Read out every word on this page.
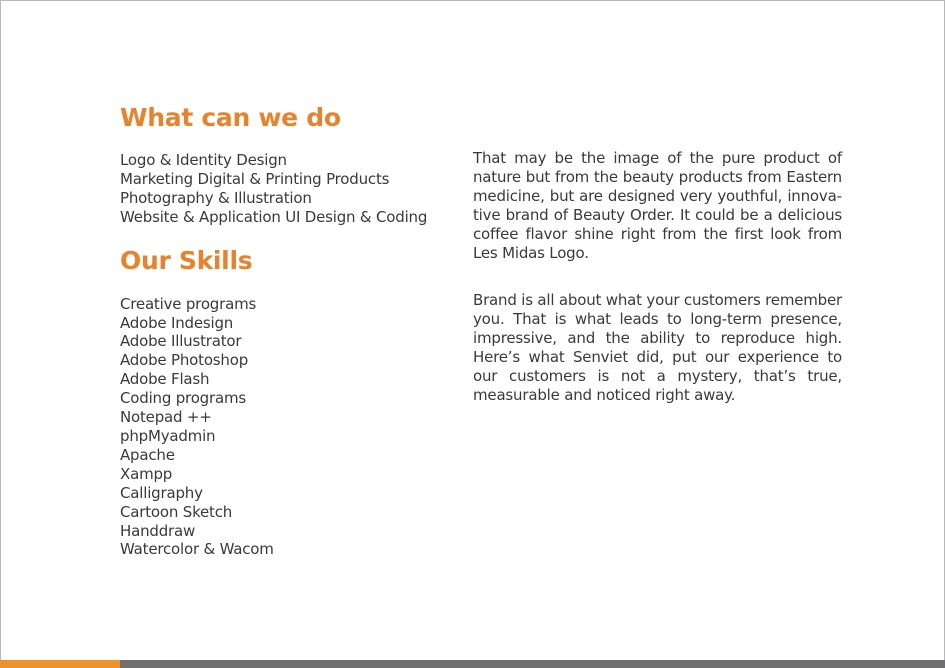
What can we do
Logo & Identity Design
Marketing Digital & Printing Products
Photography & Illustration
Website & Application UI Design & Coding
Our Skills
Creative programs
Adobe Indesign
Adobe Illustrator
Adobe Photoshop
Adobe Flash
Coding programs
Notepad ++
phpMyadmin
Apache
Xampp
Calligraphy
Cartoon Sketch
Handdraw
Watercolor & Wacom

That may be the image of the pure product of nature but from the beauty products from Eastern medicine, but are designed very youthful, innovative brand of Beauty Order. It could be a delicious coffee flavor shine right from the first look from Les Midas Logo.

Brand is all about what your customers remember you. That is what leads to long-term presence, impressive, and the ability to reproduce high. Here’s what Senviet did, put our experience to our customers is not a mystery, that’s true, measurable and noticed right away.
